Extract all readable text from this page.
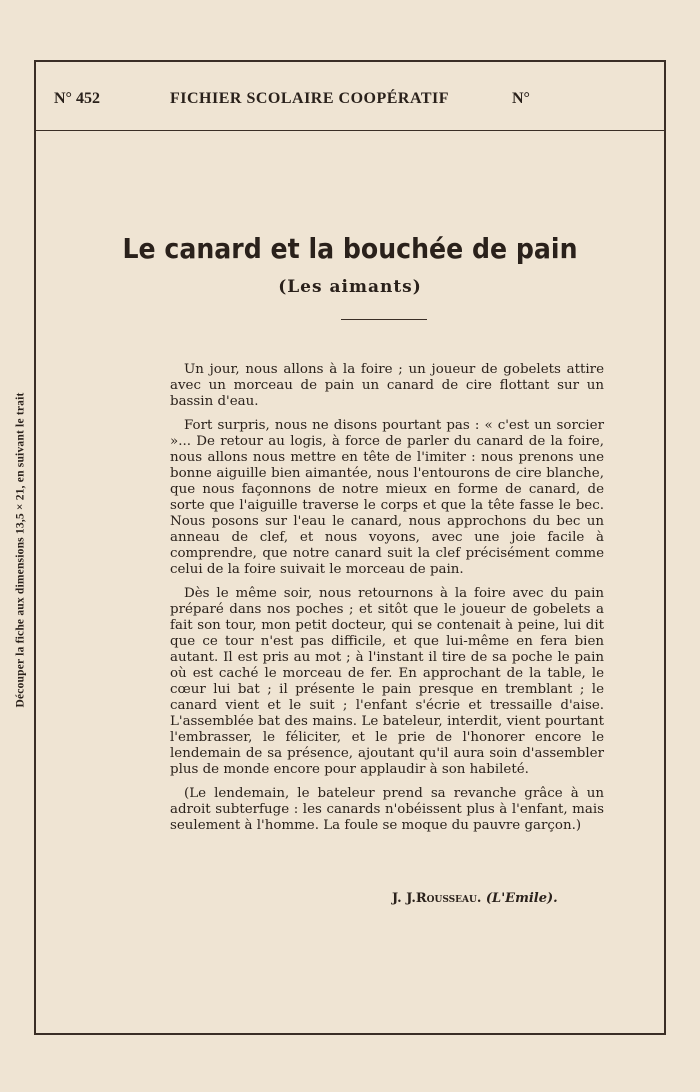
Découper la fiche aux dimensions 13,5 × 21, en suivant le trait
N° 452	FICHIER SCOLAIRE COOPÉRATIF	N°
Le canard et la bouchée de pain
(Les aimants)

Un jour, nous allons à la foire ; un joueur de gobelets attire avec un morceau de pain un canard de cire flottant sur un bassin d'eau.

Fort surpris, nous ne disons pourtant pas : « c'est un sorcier »... De retour au logis, à force de parler du canard de la foire, nous allons nous mettre en tête de l'imiter : nous prenons une bonne aiguille bien aimantée, nous l'entourons de cire blanche, que nous façonnons de notre mieux en forme de canard, de sorte que l'aiguille traverse le corps et que la tête fasse le bec. Nous posons sur l'eau le canard, nous approchons du bec un anneau de clef, et nous voyons, avec une joie facile à comprendre, que notre canard suit la clef précisément comme celui de la foire suivait le morceau de pain.

Dès le même soir, nous retournons à la foire avec du pain préparé dans nos poches ; et sitôt que le joueur de gobelets a fait son tour, mon petit docteur, qui se contenait à peine, lui dit que ce tour n'est pas difficile, et que lui-même en fera bien autant. Il est pris au mot ; à l'instant il tire de sa poche le pain où est caché le morceau de fer. En approchant de la table, le cœur lui bat ; il présente le pain presque en tremblant ; le canard vient et le suit ; l'enfant s'écrie et tressaille d'aise. L'assemblée bat des mains. Le bateleur, interdit, vient pourtant l'embrasser, le féliciter, et le prie de l'honorer encore le lendemain de sa présence, ajoutant qu'il aura soin d'assembler plus de monde encore pour applaudir à son habileté.

(Le lendemain, le bateleur prend sa revanche grâce à un adroit subterfuge : les canards n'obéissent plus à l'enfant, mais seulement à l'homme. La foule se moque du pauvre garçon.)

J. J.Rousseau. (L'Emile).
